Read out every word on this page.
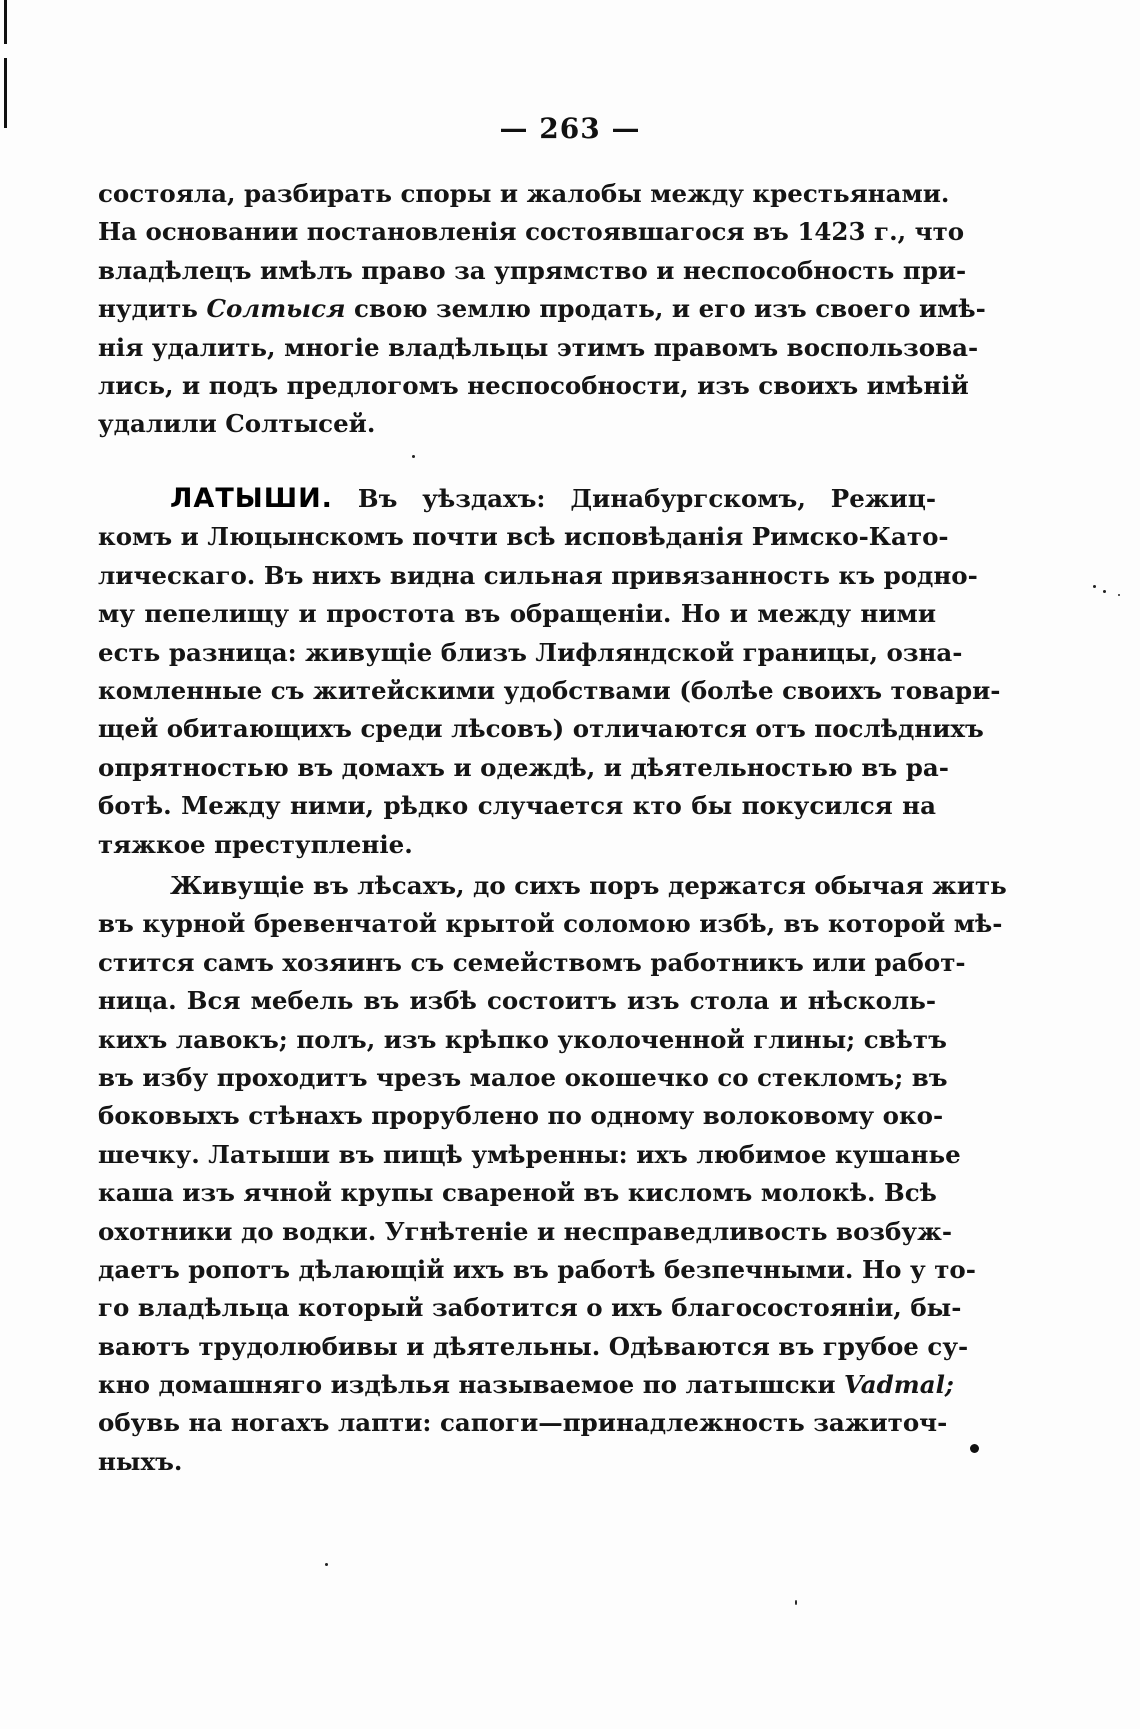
— 263 —
состояла, разбирать споры и жалобы между крестьянами.
На основании постановленія состоявшагося въ 1423 г., что
владѣлецъ имѣлъ право за упрямство и неспособность при-
нудить Солтыся свою землю продать, и его изъ своего имѣ-
нія удалить, многіе владѣльцы этимъ правомъ воспользова-
лись, и подъ предлогомъ неспособности, изъ своихъ имѣній
удалили Солтысей.
ЛАТЫШИ. Въ уѣздахъ: Динабургскомъ, Режиц-
комъ и Люцынскомъ почти всѣ исповѣданія Римско-Като-
лическаго. Въ нихъ видна сильная привязанность къ родно-
му пепелищу и простота въ обращеніи. Но и между ними
есть разница: живущіе близъ Лифляндской границы, озна-
комленные съ житейскими удобствами (болѣе своихъ товари-
щей обитающихъ среди лѣсовъ) отличаются отъ послѣднихъ
опрятностью въ домахъ и одеждѣ, и дѣятельностью въ ра-
ботѣ. Между ними, рѣдко случается кто бы покусился на
тяжкое преступленіе.
Живущіе въ лѣсахъ, до сихъ поръ держатся обычая жить
въ курной бревенчатой крытой соломою избѣ, въ которой мѣ-
стится самъ хозяинъ съ семействомъ работникъ или работ-
ница. Вся мебель въ избѣ состоитъ изъ стола и нѣсколь-
кихъ лавокъ; полъ, изъ крѣпко уколоченной глины; свѣтъ
въ избу проходитъ чрезъ малое окошечко со стекломъ; въ
боковыхъ стѣнахъ прорублено по одному волоковому око-
шечку. Латыши въ пищѣ умѣренны: ихъ любимое кушанье
каша изъ ячной крупы свареной въ кисломъ молокѣ. Всѣ
охотники до водки. Угнѣтеніе и несправедливость возбуж-
даетъ ропотъ дѣлающій ихъ въ работѣ безпечными. Но у то-
го владѣльца который заботится о ихъ благосостояніи, бы-
ваютъ трудолюбивы и дѣятельны. Одѣваются въ грубое су-
кно домашняго издѣлья называемое по латышски Vadmal;
обувь на ногахъ лапти: сапоги—принадлежность зажиточ-
ныхъ.
